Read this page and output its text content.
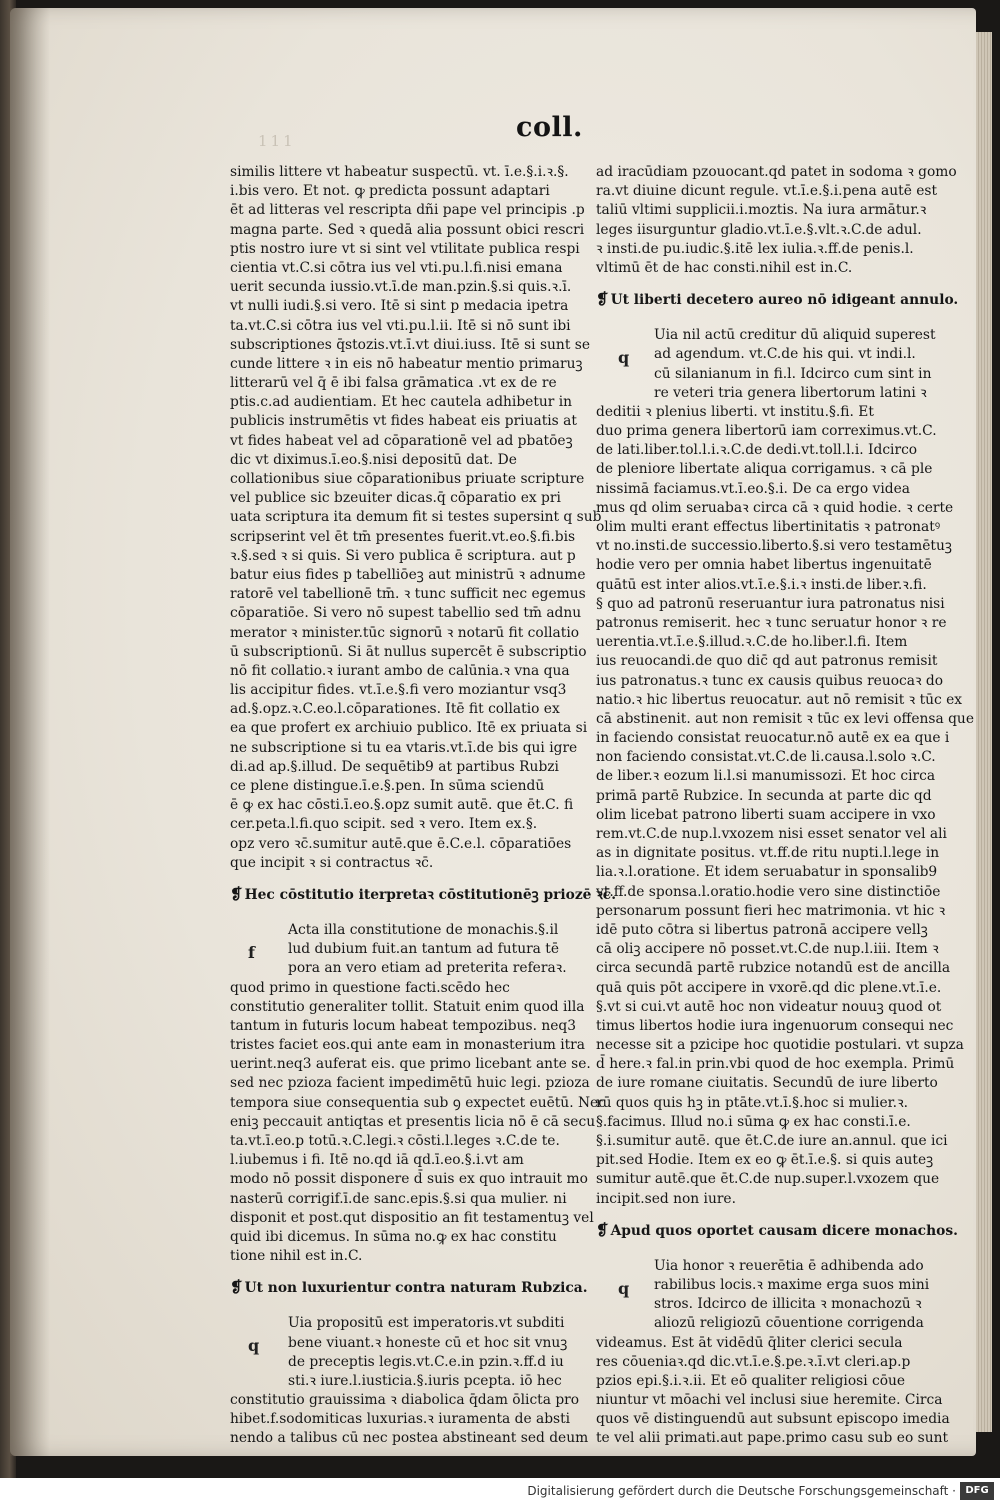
111	coll.
similis littere vt habeatur suspectū. vt. ī.e.§.i.ꝛ.§.
i.bis vero. Et not. ꝙ predicta possunt adaptari
ēt ad litteras vel rescripta dñi pape vel principis .p
magna parte. Sed ꝛ quedā alia possunt obici rescri
ptis nostro iure vt si sint vel vtilitate publica respi
cientia vt.C.si cōtra ius vel vti.pu.l.fi.nisi emana
uerit secunda iussio.vt.ī.de man.pzin.§.si quis.ꝛ.ī.
vt nulli iudi.§.si vero. Itē si sint p medacia ipetra
ta.vt.C.si cōtra ius vel vti.pu.l.ii. Itē si nō sunt ibi
subscriptiones q̄stozis.vt.ī.vt diui.iuss. Itē si sunt se
cunde littere ꝛ in eis nō habeatur mentio primaruꝫ
litterarū vel q̄ ē ibi falsa grāmatica .vt ex de re
ptis.c.ad audientiam. Et hec cautela adhibetur in
publicis instrumētis vt fides habeat eis priuatis at
vt fides habeat vel ad cōparationē vel ad pbatōeꝫ
dic vt diximus.ī.eo.§.nisi depositū dat. De
collationibus siue cōparationibus priuate scripture
vel publice sic bzeuiter dicas.q̄ cōparatio ex pri
uata scriptura ita demum fit si testes supersint q sub
scripserint vel ēt tm̄ presentes fuerit.vt.eo.§.fi.bis
ꝛ.§.sed ꝛ si quis. Si vero publica ē scriptura. aut p
batur eius fides p tabelliōeꝫ aut ministrū ꝛ adnume
ratorē vel tabellionē tm̄. ꝛ tunc sufficit nec egemus
cōparatiōe. Si vero nō supest tabellio sed tm̄ adnu
merator ꝛ minister.tūc signorū ꝛ notarū fit collatio
ū subscriptionū. Si āt nullus supercēt ē subscriptio
nō fit collatio.ꝛ iurant ambo de calūnia.ꝛ vna qua
lis accipitur fides. vt.ī.e.§.fi vero moziantur vsq3
ad.§.opz.ꝛ.C.eo.l.cōparationes. Itē fit collatio ex
ea que profert ex archiuio publico. Itē ex priuata si
ne subscriptione si tu ea vtaris.vt.ī.de bis qui igre
di.ad ap.§.illud. De sequētib9 at partibus Rubzi
ce plene distingue.ī.e.§.pen. In sūma sciendū
ē ꝙ ex hac cōsti.ī.eo.§.opz sumit autē. que ēt.C. fi
cer.peta.l.fi.quo scipit. sed ꝛ vero. Item ex.§.
opz vero ꝛc̄.sumitur autē.que ē.C.e.l. cōparatiōes
que incipit ꝛ si contractus ꝛc̄.
❡ Hec cōstitutio iterpretaꝛ cōstitutionēꝫ priozē ꝛc̄.
f
Acta illa constitutione de monachis.§.il
lud dubium fuit.an tantum ad futura tē
pora an vero etiam ad preterita referaꝛ.
quod primo in questione facti.scēdo hec
constitutio generaliter tollit. Statuit enim quod illa
tantum in futuris locum habeat tempozibus. neq3
tristes faciet eos.qui ante eam in monasterium itra
uerint.neq3 auferat eis. que primo licebant ante se.
sed nec pzioza facient impedimētū huic legi. pzioza
tempora siue consequentia sub ꝯ expectet euētū. Nec
eniꝫ peccauit antiqtas et presentis licia nō ē cā secu
ta.vt.ī.eo.p totū.ꝛ.C.legi.ꝛ cōsti.l.leges ꝛ.C.de te.
l.iubemus i fi. Itē no.qd iā qd.ī.eo.§.i.vt am
modo nō possit disponere d̄ suis ex quo intrauit mo
nasterū corrigif.ī.de sanc.epis.§.si qua mulier. ni
disponit et post.qut dispositio an fit testamentuꝫ vel
quid ibi dicemus. In sūma no.ꝙ ex hac constitu
tione nihil est in.C.
❡ Ut non luxurientur contra naturam Rubzica.
q
Uia propositū est imperatoris.vt subditi
bene viuant.ꝛ honeste cū et hoc sit vnuꝫ
de preceptis legis.vt.C.e.in pzin.ꝛ.ff.d iu
sti.ꝛ iure.l.iusticia.§.iuris pcepta. iō hec
constitutio grauissima ꝛ diabolica q̄dam ōlicta pro
hibet.f.sodomiticas luxurias.ꝛ iuramenta de absti
nendo a talibus cū nec postea abstineant sed deum
ad iracūdiam pzouocant.qd patet in sodoma ꝛ gomo
ra.vt diuine dicunt regule. vt.ī.e.§.i.pena autē est
taliū vltimi supplicii.i.moztis. Na iura armātur.ꝛ
leges iisurguntur gladio.vt.ī.e.§.vlt.ꝛ.C.de adul.
ꝛ insti.de pu.iudic.§.itē lex iulia.ꝛ.ff.de penis.l.
vltimū ēt de hac consti.nihil est in.C.
❡ Ut liberti decetero aureo nō idigeant annulo.
q
Uia nil actū creditur dū aliquid superest
ad agendum. vt.C.de his qui. vt indi.l.
cū silanianum in fi.l. Idcirco cum sint in
re veteri tria genera libertorum latini ꝛ
deditii ꝛ plenius liberti. vt institu.§.fi. Et
duo prima genera libertorū iam correximus.vt.C.
de lati.liber.tol.l.i.ꝛ.C.de dedi.vt.toll.l.i. Idcirco
de pleniore libertate aliqua corrigamus. ꝛ cā ple
nissimā faciamus.vt.ī.eo.§.i. De ca ergo videa
mus qd olim seruabaꝛ circa cā ꝛ quid hodie. ꝛ certe
olim multi erant effectus libertinitatis ꝛ patronatꝰ
vt no.insti.de successio.liberto.§.si vero testamētuꝫ
hodie vero per omnia habet libertus ingenuitatē
quātū est inter alios.vt.ī.e.§.i.ꝛ insti.de liber.ꝛ.fi.
§ quo ad patronū reseruantur iura patronatus nisi
patronus remiserit. hec ꝛ tunc seruatur honor ꝛ re
uerentia.vt.ī.e.§.illud.ꝛ.C.de ho.liber.l.fi. Item
ius reuocandi.de quo dic̄ qd aut patronus remisit
ius patronatus.ꝛ tunc ex causis quibus reuocaꝛ do
natio.ꝛ hic libertus reuocatur. aut nō remisit ꝛ tūc ex
cā abstinenit. aut non remisit ꝛ tūc ex levi offensa que
in faciendo consistat reuocatur.nō autē ex ea que i
non faciendo consistat.vt.C.de li.causa.l.solo ꝛ.C.
de liber.ꝛ eozum li.l.si manumissozi. Et hoc circa
primā partē Rubzice. In secunda at parte dic qd
olim licebat patrono liberti suam accipere in vxo
rem.vt.C.de nup.l.vxozem nisi esset senator vel ali
as in dignitate positus. vt.ff.de ritu nupti.l.lege in
lia.ꝛ.l.oratione. Et idem seruabatur in sponsalib9
vt.ff.de sponsa.l.oratio.hodie vero sine distinctiōe
personarum possunt fieri hec matrimonia. vt hic ꝛ
idē puto cōtra si libertus patronā accipere vellꝫ
cā oliꝫ accipere nō posset.vt.C.de nup.l.iii. Item ꝛ
circa secundā partē rubzice notandū est de ancilla
quā quis pōt accipere in vxorē.qd dic plene.vt.ī.e.
§.vt si cui.vt autē hoc non videatur nouuꝫ quod ot
timus libertos hodie iura ingenuorum consequi nec
necesse sit a pzicipe hoc quotidie postulari. vt supza
d̄ here.ꝛ fal.in prin.vbi quod de hoc exempla. Primū
de iure romane ciuitatis. Secundū de iure liberto
rū quos quis hꝫ in ptāte.vt.ī.§.hoc si mulier.ꝛ.
§.facimus. Illud no.i sūma ꝙ ex hac consti.ī.e.
§.i.sumitur autē. que ēt.C.de iure an.annul. que ici
pit.sed Hodie. Item ex eo ꝙ ēt.ī.e.§. si quis auteꝫ
sumitur autē.que ēt.C.de nup.super.l.vxozem que
incipit.sed non iure.
❡ Apud quos oportet causam dicere monachos.
q
Uia honor ꝛ reuerētia ē adhibenda ado
rabilibus locis.ꝛ maxime erga suos mini
stros. Idcirco de illicita ꝛ monachozū ꝛ
aliozū religiozū cōuentione corrigenda
videamus. Est āt vidēdū q̄liter clerici secula
res cōueniaꝛ.qd dic.vt.ī.e.§.pe.ꝛ.ī.vt cleri.ap.p
pzios epi.§.i.ꝛ.ii. Et eō qualiter religiosi cōue
niuntur vt mōachi vel inclusi siue heremite. Circa
quos vē distinguendū aut subsunt episcopo imedia
te vel alii primati.aut pape.primo casu sub eo sunt
Digitalisierung gefördert durch die Deutsche Forschungsgemeinschaft · DFG
